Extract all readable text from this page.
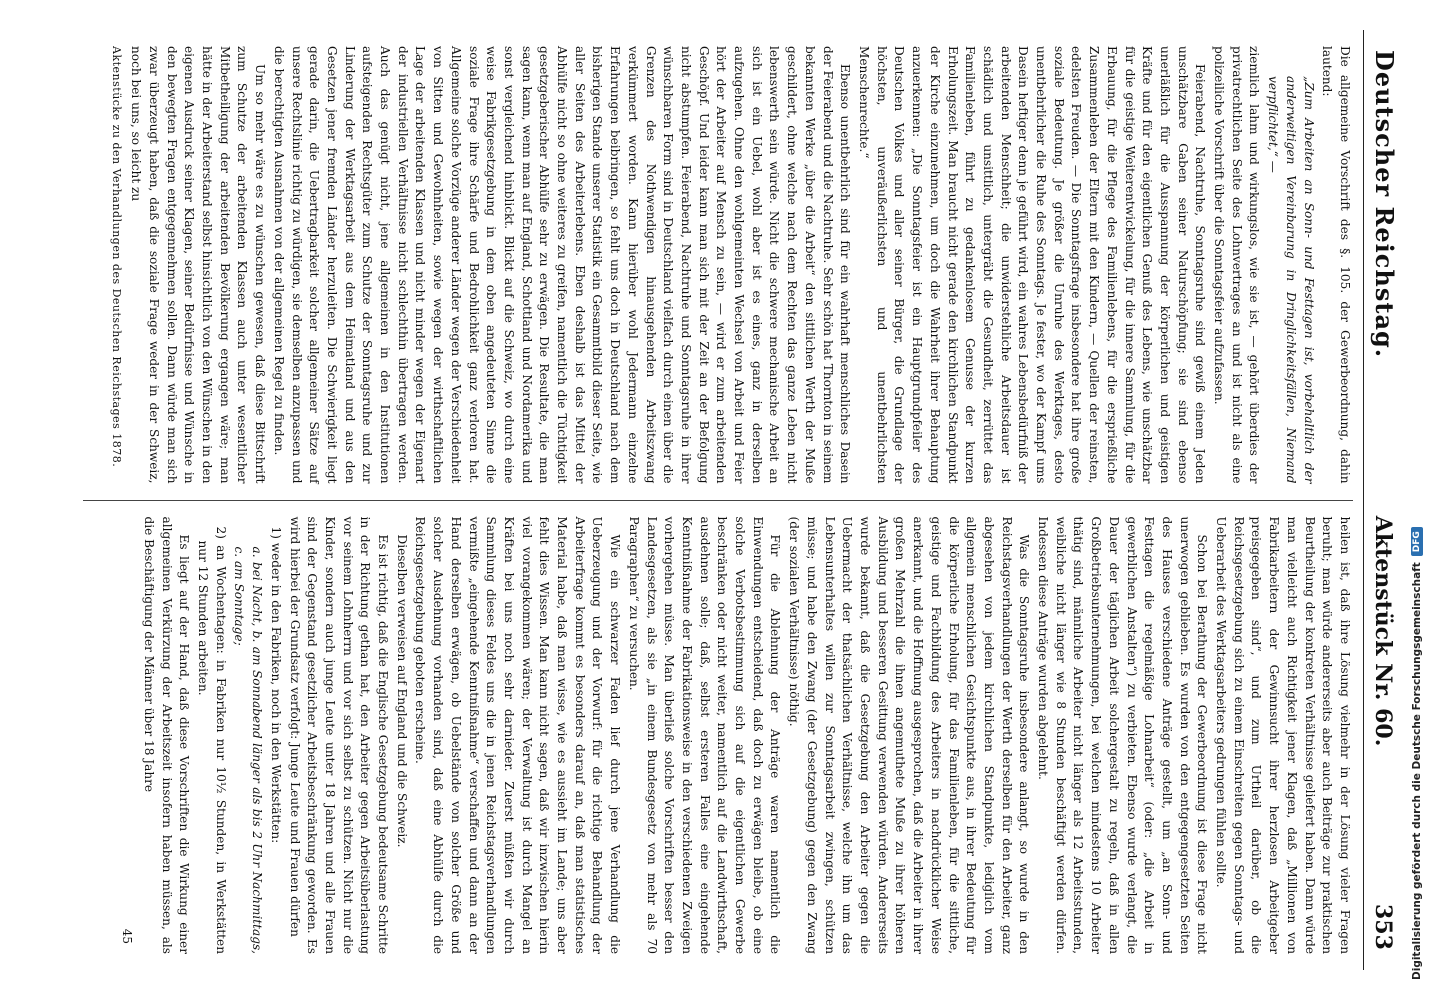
Deutscher Reichstag.
Aktenstück Nr. 60.
353

Die allgemeine Vorschrift des §. 105. der Gewerbeordnung, dahin lautend:

„Zum Arbeiten an Sonn- und Festtagen ist, vorbehaltlich der anderweitigen Vereinbarung in Dringlichkeitsfällen, Niemand verpflichtet,“ —

ziemlich lahm und wirkungslos, wie sie ist, — gehört überdies der privatrechtlichen Seite des Lohnvertrages an und ist nicht als eine polizeiliche Vorschrift über die Sonntagsfeier aufzufassen.

Feierabend, Nachtruhe, Sonntagsruhe sind gewiß einem Jeden unschätzbare Gaben seiner Naturschöpfung; sie sind ebenso unerläßlich für die Ausspannung der körperlichen und geistigen Kräfte und für den eigentlichen Genuß des Lebens, wie unschätzbar für die geistige Weiterentwickelung, für die innere Sammlung, für die Erbauung, für die Pflege des Familienlebens, für die ersprießliche Zusammenleben der Eltern mit den Kindern, — Quellen der reinsten, edelsten Freuden. — Die Sonntagsfrage insbesondere hat ihre große soziale Bedeutung. Je größer die Unruhe des Werktages, desto unentbehrlicher die Ruhe des Sonntags. Je fester, wo der Kampf ums Dasein heftiger denn je geführt wird, ein wahres Lebensbedürfniß der arbeitenden Menschheit; die unwiderstehliche Arbeitsdauer ist schädlich und unsittlich, untergräbt die Gesundheit, zerrüttet das Familienleben, führt zu gedankenlosem Genusse der kurzen Erholungszeit. Man braucht nicht gerade den kirchlichen Standpunkt der Kirche einzunehmen, um doch die Wahrheit ihrer Behauptung anzuerkennen: „Die Sonntagsfeier ist ein Hauptgrundpfeiler des Deutschen Volkes und aller seiner Bürger, die Grundlage der höchsten, unveräußerlichsten und unentbehrlichsten Menschenrechte.“

Ebenso unentbehrlich sind für ein wahrhaft menschliches Dasein der Feierabend und die Nachtruhe. Sehr schön hat Thornton in seinem bekannten Werke „über die Arbeit“ den sittlichen Werth der Muße geschildert, ohne welche nach dem Rechten das ganze Leben nicht lebenswerth sein würde. Nicht die schwere mechanische Arbeit an sich ist ein Uebel, wohl aber ist es eines, ganz in derselben aufzugehen. Ohne den wohlgemeinten Wechsel von Arbeit und Feier hört der Arbeiter auf Mensch zu sein, — wird er zum arbeitenden Geschöpf. Und leider kann man sich mit der Zeit an der Befolgung nicht abstumpfen. Feierabend, Nachtruhe und Sonntagsruhe in ihrer wünschbaren Form sind in Deutschland vielfach durch einen über die Grenzen des Nothwendigen hinausgehenden Arbeitszwang verkümmert worden. Kann hierüber wohl Jedermann einzelne Erfahrungen beibringen, so fehlt uns doch in Deutschland nach dem bisherigen Stande unserer Statistik ein Gesammtbild dieser Seite, wie aller Seiten des Arbeiterlebens. Eben deshalb ist das Mittel der Abhülfe nicht so ohne weiteres zu greifen, namentlich die Tüchtigkeit gesetzgeberischer Abhülfe sehr zu erwägen. Die Resultate, die man sagen kann, wenn man auf England, Schottland und Nordamerika und sonst vergleichend hinblickt. Blickt auf die Schweiz, wo durch eine weise Fabrikgesetzgebung in dem oben angedeuteten Sinne die soziale Frage ihre Schärfe und Bedrohlichkeit ganz verloren hat. Allgemeine solche Vorzüge anderer Länder wegen der Verschiedenheit von Sitten und Gewohnheiten, sowie wegen der wirthschaftlichen Lage der arbeitenden Klassen und nicht minder wegen der Eigenart der industriellen Verhältnisse nicht schlechthin übertragen werden. Auch das genügt nicht, jene allgemeinen in den Institutionen aufsteigenden Rechtsgüter zum Schutze der Sonntagsruhe und zur Linderung der Werktagsarbeit aus dem Heimatland und aus den Gesetzen jener fremden Länder herzuleiten. Die Schwierigkeit liegt gerade darin, die Uebertragbarkeit solcher allgemeiner Sätze auf unsere Rechtslinie richtig zu würdigen, sie demselben anzupassen und die berechtigten Ausnahmen von der allgemeinen Regel zu finden.

Um so mehr wäre es zu wünschen gewesen, daß diese Bittschrift zum Schutze der arbeitenden Klassen auch unter wesentlicher Mitbetheiligung der arbeitenden Bevölkerung ergangen wäre; man hätte in der Arbeiterstand selbst hinsichtlich von den Wünschen in den eigenen Ausdruck seiner Klagen, seiner Bedürfnisse und Wünsche in den bewegten Fragen entgegennehmen sollen. Dann würde man sich zwar überzeugt haben, daß die soziale Frage weder in der Schweiz, noch bei uns, so leicht zu

Aktenstücke zu den Verhandlungen des Deutschen Reichstages 1878.

heilen ist, daß ihre Lösung vielmehr in der Lösung vieler Fragen beruht; man würde andererseits aber auch Beiträge zur praktischen Beurtheilung der konkreten Verhältnisse geliefert haben. Dann würde man vielleicht auch Richtigkeit jener Klagen, daß „Millionen von Fabrikarbeitern der Gewinnsucht ihrer herzlosen Arbeitgeber preisgegeben sind“, und zum Urtheil darüber, ob die Reichsgesetzgebung sich zu einem Einschreiten gegen Sonntags- und Ueberarbeit des Werktagsarbeiters gedrungen fühlen sollte.

Schon bei Berathung der Gewerbeordnung ist diese Frage nicht unerwogen geblieben. Es wurden von den entgegengesetzten Seiten des Hauses verschiedene Anträge gestellt, um „an Sonn- und Festtagen die regelmäßige Lohnarbeit“ (oder: „die Arbeit in gewerblichen Anstalten“) zu verbieten. Ebenso wurde verlangt, die Dauer der täglichen Arbeit solchergestalt zu regeln, daß in allen Großbetriebsunternehmungen, bei welchen mindestens 10 Arbeiter thätig sind, männliche Arbeiter nicht länger als 12 Arbeitsstunden, weibliche nicht länger wie 8 Stunden beschäftigt werden dürfen. Indessen diese Anträge wurden abgelehnt.

Was die Sonntagsruhe insbesondere anlangt, so wurde in den Reichstagsverhandlungen der Werth derselben für den Arbeiter, ganz abgesehen von jedem kirchlichen Standpunkte, lediglich vom allgemein menschlichen Gesichtspunkte aus, in ihrer Bedeutung für die körperliche Erholung, für das Familienleben, für die sittliche, geistige und Fachbildung des Arbeiters in nachdrücklicher Weise anerkannt, und die Hoffnung ausgesprochen, daß die Arbeiter in ihrer großen Mehrzahl die ihnen angemuthete Muße zu ihrer höheren Ausbildung und besseren Gesittung verwenden würden. Andererseits wurde bekannt, daß die Gesetzgebung den Arbeiter gegen die Uebermacht der thatsächlichen Verhältnisse, welche ihn um das Lebensunterhaltes willen zur Sonntagsarbeit zwingen, schützen müsse; und habe den Zwang (der Gesetzgebung) gegen den Zwang (der sozialen Verhältnisse) nöthig.

Für die Ablehnung der Anträge waren namentlich die Einwendungen entscheidend, daß doch zu erwägen bleibe, ob eine solche Verbotsbestimmung sich auf die eigentlichen Gewerbe beschränken oder nicht weiter, namentlich auf die Landwirthschaft, ausdehnen solle; daß, selbst ersteren Falles eine eingehende Kenntnißnahme der Fabrikationsweise in den verschiedenen Zweigen vorhergehen müsse. Man überließ solche Vorschriften besser den Landesgesetzen, als sie „in einem Bundesgesetz von mehr als 70 Paragraphen“ zu versuchen.

Wie ein schwarzer Faden lief durch jene Verhandlung die Ueberzeugung und der Vorwurf: für die richtige Behandlung der Arbeiterfrage kommt es besonders darauf an, daß man statistisches Material habe, daß man wisse, wie es aussieht im Lande; uns aber fehlt dies Wissen. Man kann nicht sagen, daß wir inzwischen hierin viel vorangekommen wären; der Verwaltung ist durch Mangel an Kräften bei uns noch sehr darnieder. Zuerst müßten wir durch Sammlung dieses Feldes uns die in jenen Reichstagsverhandlungen vermißte „eingehende Kenntnißnahme“ verschaffen und dann an der Hand derselben erwägen, ob Uebelstände von solcher Größe und solcher Ausdehnung vorhanden sind, daß eine Abhülfe durch die Reichsgesetzgebung geboten erscheine.

Dieselben verweisen auf England und die Schweiz.

Es ist richtig, daß die Englische Gesetzgebung bedeutsame Schritte in der Richtung gethan hat, den Arbeiter gegen Arbeitsüberlastung vor seinem Lohnherrn und vor sich selbst zu schützen. Nicht nur die Kinder, sondern auch junge Leute unter 18 Jahren und alle Frauen sind der Gegenstand gesetzlicher Arbeitsbeschränkung geworden. Es wird hierbei der Grundsatz verfolgt: Junge Leute und Frauen dürfen

1) weder in den Fabriken, noch in den Werkstätten:

a. bei Nacht, b. am Sonnabend länger als bis 2 Uhr Nachmittags, c. am Sonntage;

2) an Wochentagen: in Fabriken nur 10½ Stunden, in Werkstätten nur 12 Stunden arbeiten.

Es liegt auf der Hand, daß diese Vorschriften die Wirkung einer allgemeinen Verkürzung der Arbeitszeit insofern haben müssen, als die Beschäftigung der Männer über 18 Jahre

45	Digitalisierung gefördert durch die Deutsche Forschungsgemeinschaft
DFG
